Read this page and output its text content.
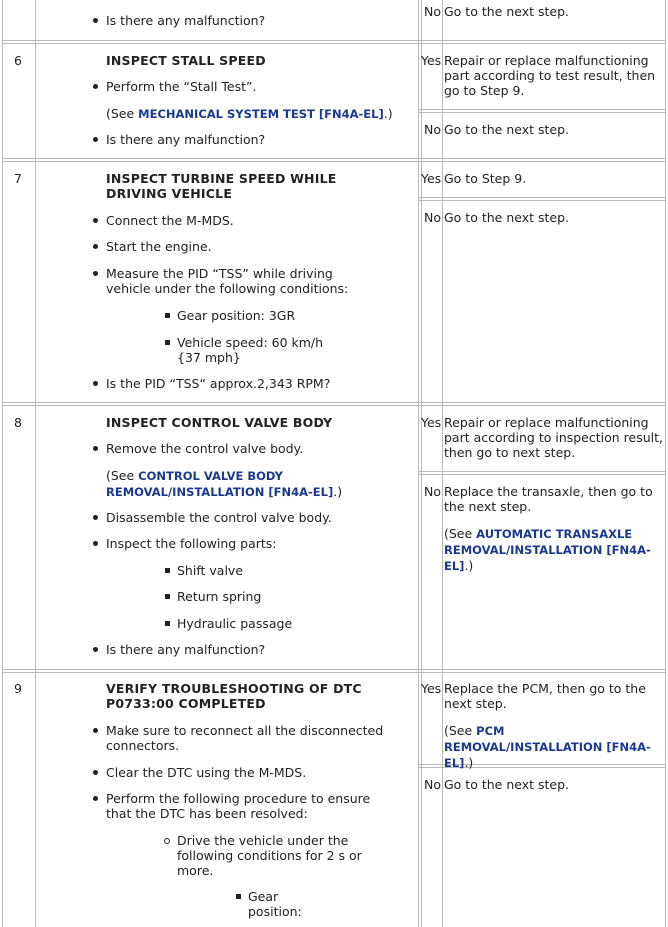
Is there any malfunction?
No Go to the next step.
6	INSPECT STALL SPEED
Perform the “Stall Test”.
(See MECHANICAL SYSTEM TEST [FN4A-EL].)
Is there any malfunction?
Yes Repair or replace malfunctioning part according to test result, then go to Step 9.
No Go to the next step.
7	INSPECT TURBINE SPEED WHILE DRIVING VEHICLE
Connect the M-MDS.
Start the engine.
Measure the PID “TSS” while driving vehicle under the following conditions:
Gear position: 3GR
Vehicle speed: 60 km/h {37 mph}
Is the PID “TSS“ approx.2,343 RPM?
Yes Go to Step 9.
No Go to the next step.
8	INSPECT CONTROL VALVE BODY
Remove the control valve body.
(See CONTROL VALVE BODY REMOVAL/INSTALLATION [FN4A-EL].)
Disassemble the control valve body.
Inspect the following parts:
Shift valve
Return spring
Hydraulic passage
Is there any malfunction?
Yes Repair or replace malfunctioning part according to inspection result, then go to next step.
No Replace the transaxle, then go to the next step.
(See AUTOMATIC TRANSAXLE REMOVAL/INSTALLATION [FN4A-EL].)
9	VERIFY TROUBLESHOOTING OF DTC P0733:00 COMPLETED
Make sure to reconnect all the disconnected connectors.
Clear the DTC using the M-MDS.
Perform the following procedure to ensure that the DTC has been resolved:
Drive the vehicle under the following conditions for 2 s or more.
Gear position:
Yes Replace the PCM, then go to the next step.
(See PCM REMOVAL/INSTALLATION [FN4A-EL].)
No Go to the next step.
